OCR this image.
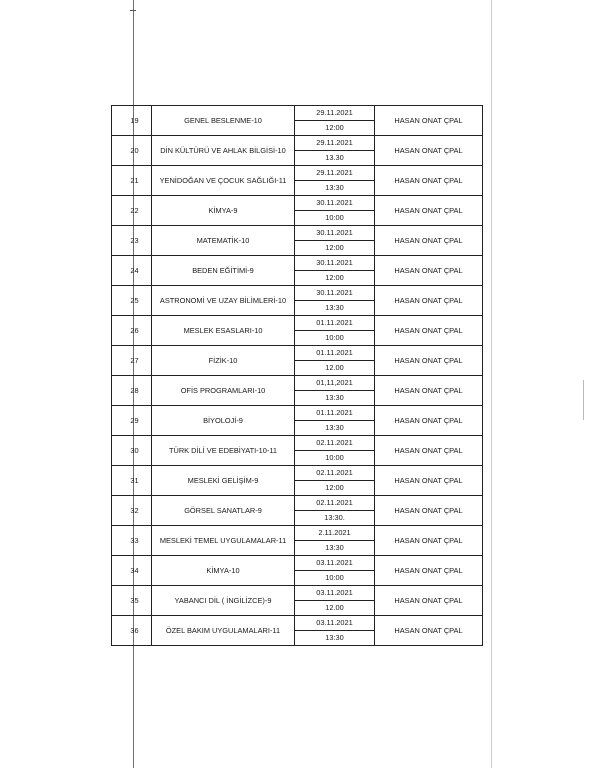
19	GENEL BESLENME-10	29.11.2021	HASAN ONAT ÇPAL
		12:00	
20	DİN KÜLTÜRÜ VE AHLAK BİLGİSİ-10	29.11.2021	HASAN ONAT ÇPAL
		13.30	
21	YENİDOĞAN VE ÇOCUK SAĞLIĞI-11	29.11.2021	HASAN ONAT ÇPAL
		13:30	
22	KİMYA-9	30.11.2021	HASAN ONAT ÇPAL
		10:00	
23	MATEMATİK-10	30.11.2021	HASAN ONAT ÇPAL
		12:00	
24	BEDEN EĞİTİMİ-9	30.11.2021	HASAN ONAT ÇPAL
		12:00	
25	ASTRONOMİ VE UZAY BİLİMLERİ-10	30.11.2021	HASAN ONAT ÇPAL
		13:30	
26	MESLEK ESASLARI-10	01.11.2021	HASAN ONAT ÇPAL
		10:00	
27	FİZİK-10	01.11.2021	HASAN ONAT ÇPAL
		12.00	
28	OFİS PROGRAMLARI-10	01,11,2021	HASAN ONAT ÇPAL
		13:30	
29	BİYOLOJİ-9	01.11.2021	HASAN ONAT ÇPAL
		13:30	
30	TÜRK DİLİ VE EDEBİYATI-10-11	02.11.2021	HASAN ONAT ÇPAL
		10:00	
31	MESLEKİ GELİŞİM-9	02.11.2021	HASAN ONAT ÇPAL
		12:00	
32	GÖRSEL SANATLAR-9	02.11.2021	HASAN ONAT ÇPAL
		13:30.	
33	MESLEKİ TEMEL UYGULAMALAR-11	2.11.2021	HASAN ONAT ÇPAL
		13:30	
34	KİMYA-10	03.11.2021	HASAN ONAT ÇPAL
		10:00	
35	YABANCI DİL ( İNGİLİZCE)-9	03.11.2021	HASAN ONAT ÇPAL
		12.00	
36	ÖZEL BAKIM UYGULAMALARI-11	03.11.2021	HASAN ONAT ÇPAL
		13:30	
